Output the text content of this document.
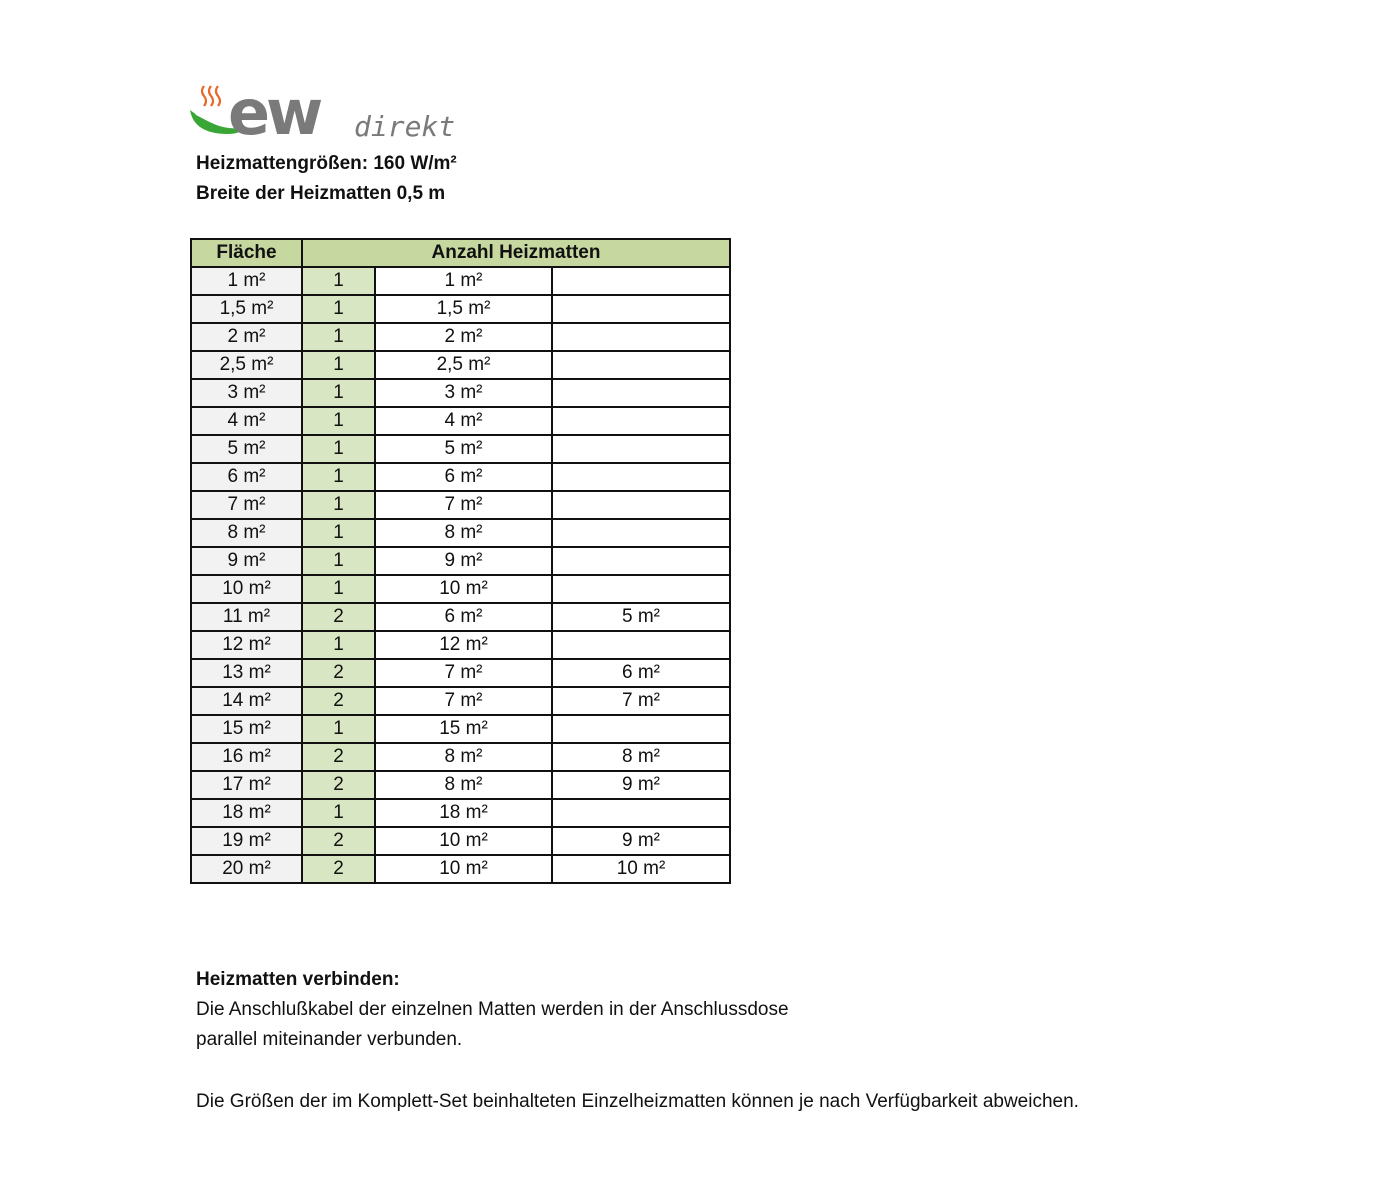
ew direkt
Heizmattengrößen: 160 W/m²
Breite der Heizmatten 0,5 m
Fläche	Anzahl Heizmatten		
1 m²	1	1 m²	
1,5 m²	1	1,5 m²	
2 m²	1	2 m²	
2,5 m²	1	2,5 m²	
3 m²	1	3 m²	
4 m²	1	4 m²	
5 m²	1	5 m²	
6 m²	1	6 m²	
7 m²	1	7 m²	
8 m²	1	8 m²	
9 m²	1	9 m²	
10 m²	1	10 m²	
11 m²	2	6 m²	5 m²
12 m²	1	12 m²	
13 m²	2	7 m²	6 m²
14 m²	2	7 m²	7 m²
15 m²	1	15 m²	
16 m²	2	8 m²	8 m²
17 m²	2	8 m²	9 m²
18 m²	1	18 m²	
19 m²	2	10 m²	9 m²
20 m²	2	10 m²	10 m²
Heizmatten verbinden:
Die Anschlußkabel der einzelnen Matten werden in der Anschlussdose
parallel miteinander verbunden.
Die Größen der im Komplett-Set beinhalteten Einzelheizmatten können je nach Verfügbarkeit abweichen.
